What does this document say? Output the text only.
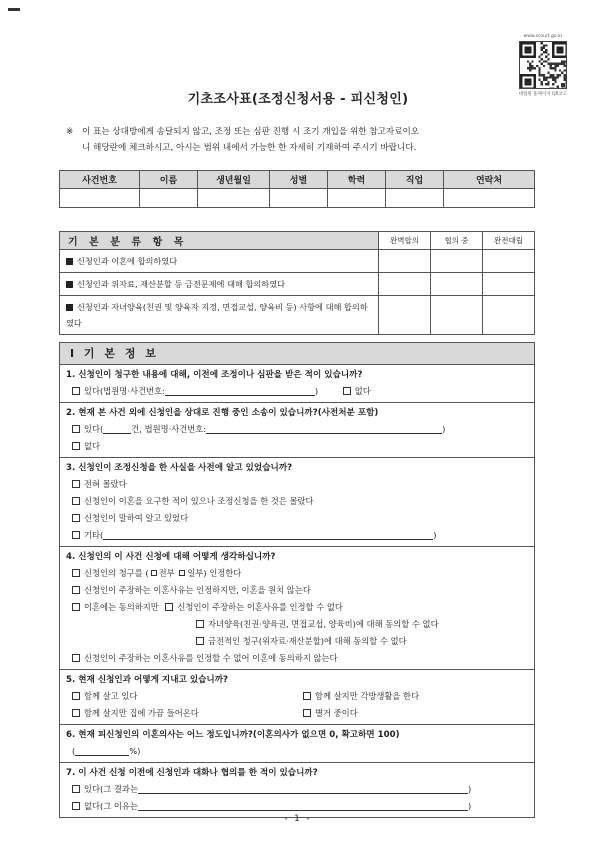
www.scourt.go.kr
대법원 홈페이지 QR코드
기초조사표(조정신청서용 - 피신청인)
※ 이 표는 상대방에게 송달되지 않고, 조정 또는 심판 진행 시 조기 개입을 위한 참고자료이오
니 해당란에 체크하시고, 아시는 범위 내에서 가능한 한 자세히 기재하여 주시기 바랍니다.
사건번호	이름	생년월일	성별	학력	직업	연락처

기 본 분 류 항 목	완벽합의	협의 중	완전대립
신청인과 이혼에 합의하였다			
신청인과 위자료, 재산분할 등 금전문제에 대해 합의하였다			
신청인과 자녀양육(친권 및 양육자 지정, 면접교섭, 양육비 등) 사항에 대해 합의하였다			
Ⅰ 기 본 정 보
1. 신청인이 청구한 내용에 대해, 이전에 조정이나 심판을 받은 적이 있습니까?
있다(법원명·사건번호:	)	없다
2. 현재 본 사건 외에 신청인을 상대로 진행 중인 소송이 있습니까?(사전처분 포함)
있다(	건, 법원명·사건번호:	)
없다
3. 신청인이 조정신청을 한 사실을 사전에 알고 있었습니까?
전혀 몰랐다
신청인이 이혼을 요구한 적이 있으나 조정신청을 한 것은 몰랐다
신청인이 말하여 알고 있었다
기타(	)
4. 신청인의 이 사건 신청에 대해 어떻게 생각하십니까?
신청인의 청구를 ( 전부 일부) 인정한다
신청인이 주장하는 이혼사유는 인정하지만, 이혼을 원치 않는다
이혼에는 동의하지만 신청인이 주장하는 이혼사유를 인정할 수 없다
자녀양육(친권·양육권, 면접교섭, 양육비)에 대해 동의할 수 없다
금전적인 청구(위자료·재산분할)에 대해 동의할 수 없다
신청인이 주장하는 이혼사유를 인정할 수 없어 이혼에 동의하지 않는다
5. 현재 신청인과 어떻게 지내고 있습니까?
함께 살고 있다	함께 살지만 각방생활을 한다
함께 살지만 집에 가끔 들어온다	별거 중이다
6. 현재 피신청인의 이혼의사는 어느 정도입니까?(이혼의사가 없으면 0, 확고하면 100)
(	%)
7. 이 사건 신청 이전에 신청인과 대화나 협의를 한 적이 있습니까?
있다(그 결과는	)
없다(그 이유는	)
- 1 -
